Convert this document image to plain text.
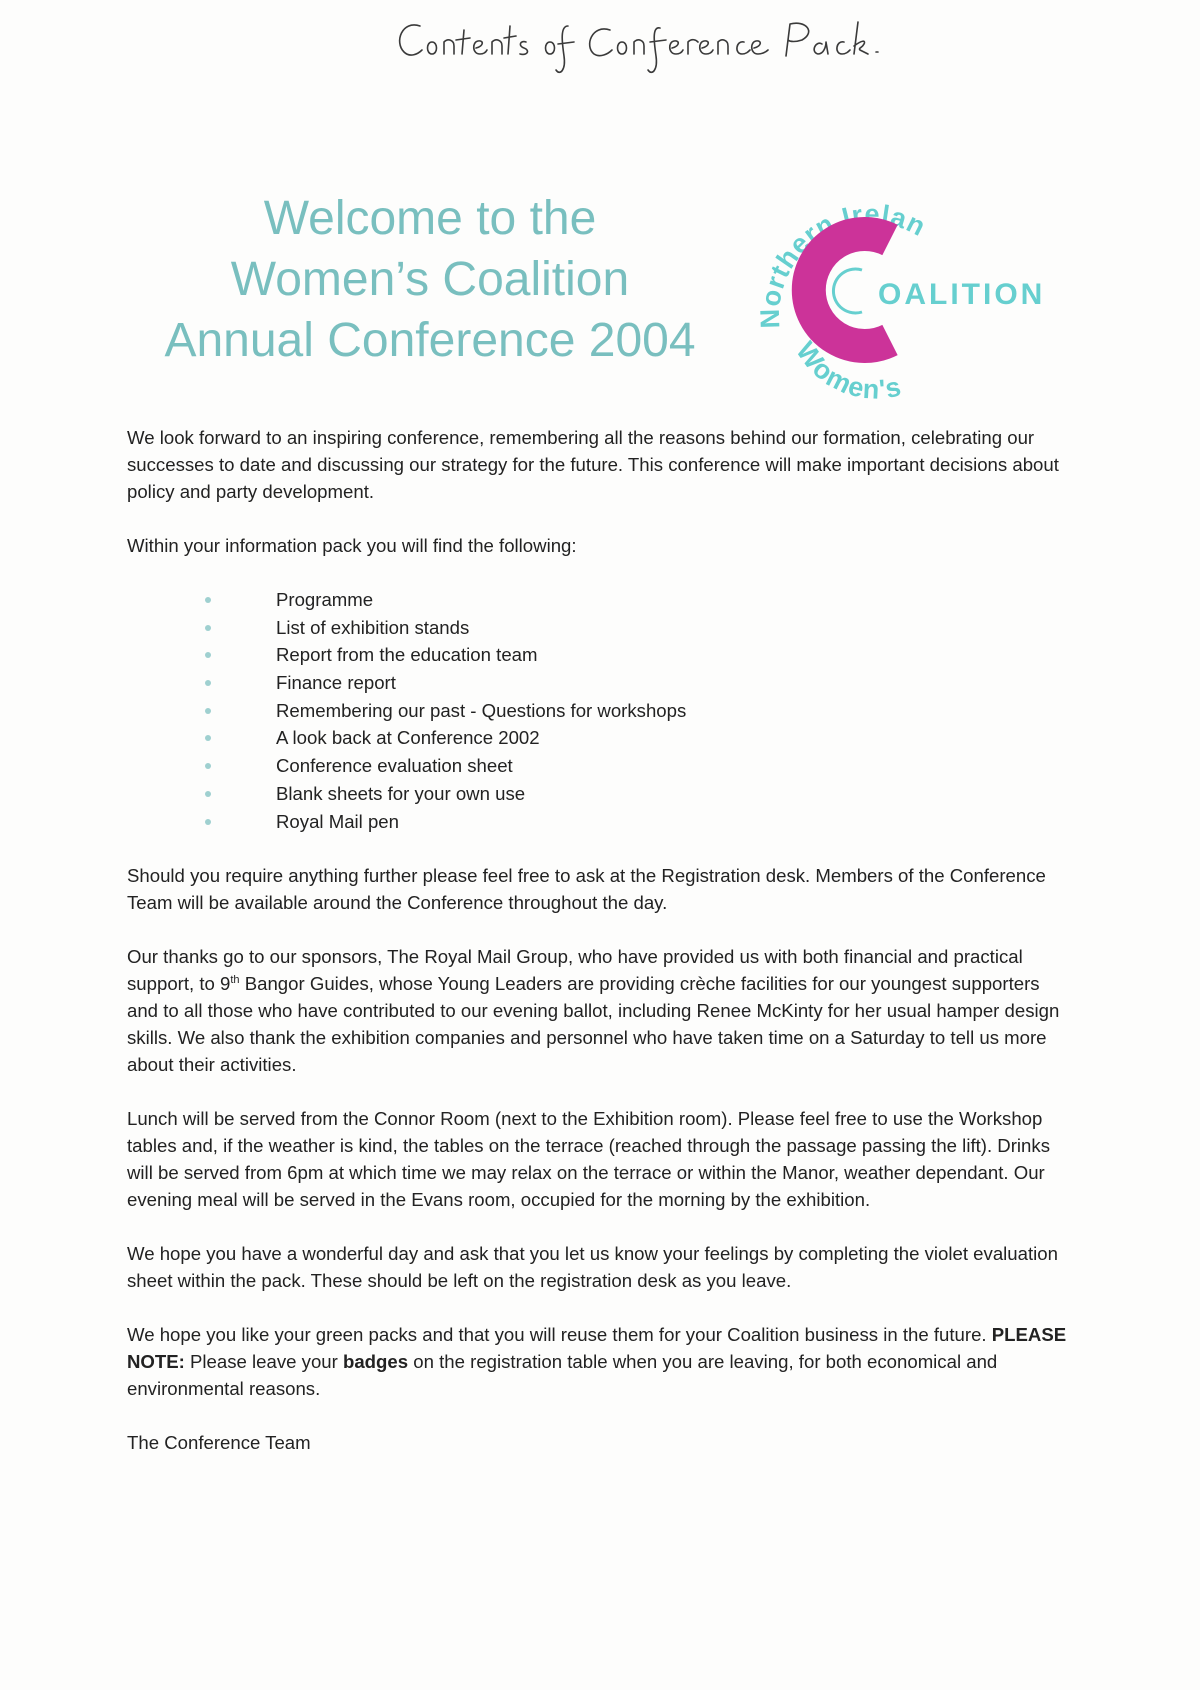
Welcome to the
Women’s Coalition
Annual Conference 2004	Northern Irelan
Women's
OALITION

We look forward to an inspiring conference, remembering all the reasons behind our formation, celebrating our successes to date and discussing our strategy for the future. This conference will make important decisions about policy and party development.

Within your information pack you will find the following:

Programme
List of exhibition stands
Report from the education team
Finance report
Remembering our past - Questions for workshops
A look back at Conference 2002
Conference evaluation sheet
Blank sheets for your own use
Royal Mail pen

Should you require anything further please feel free to ask at the Registration desk. Members of the Conference Team will be available around the Conference throughout the day.

Our thanks go to our sponsors, The Royal Mail Group, who have provided us with both financial and practical support, to 9th Bangor Guides, whose Young Leaders are providing crèche facilities for our youngest supporters and to all those who have contributed to our evening ballot, including Renee McKinty for her usual hamper design skills. We also thank the exhibition companies and personnel who have taken time on a Saturday to tell us more about their activities.

Lunch will be served from the Connor Room (next to the Exhibition room). Please feel free to use the Workshop tables and, if the weather is kind, the tables on the terrace (reached through the passage passing the lift). Drinks will be served from 6pm at which time we may relax on the terrace or within the Manor, weather dependant. Our evening meal will be served in the Evans room, occupied for the morning by the exhibition.

We hope you have a wonderful day and ask that you let us know your feelings by completing the violet evaluation sheet within the pack. These should be left on the registration desk as you leave.

We hope you like your green packs and that you will reuse them for your Coalition business in the future. PLEASE NOTE: Please leave your badges on the registration table when you are leaving, for both economical and environmental reasons.

The Conference Team
